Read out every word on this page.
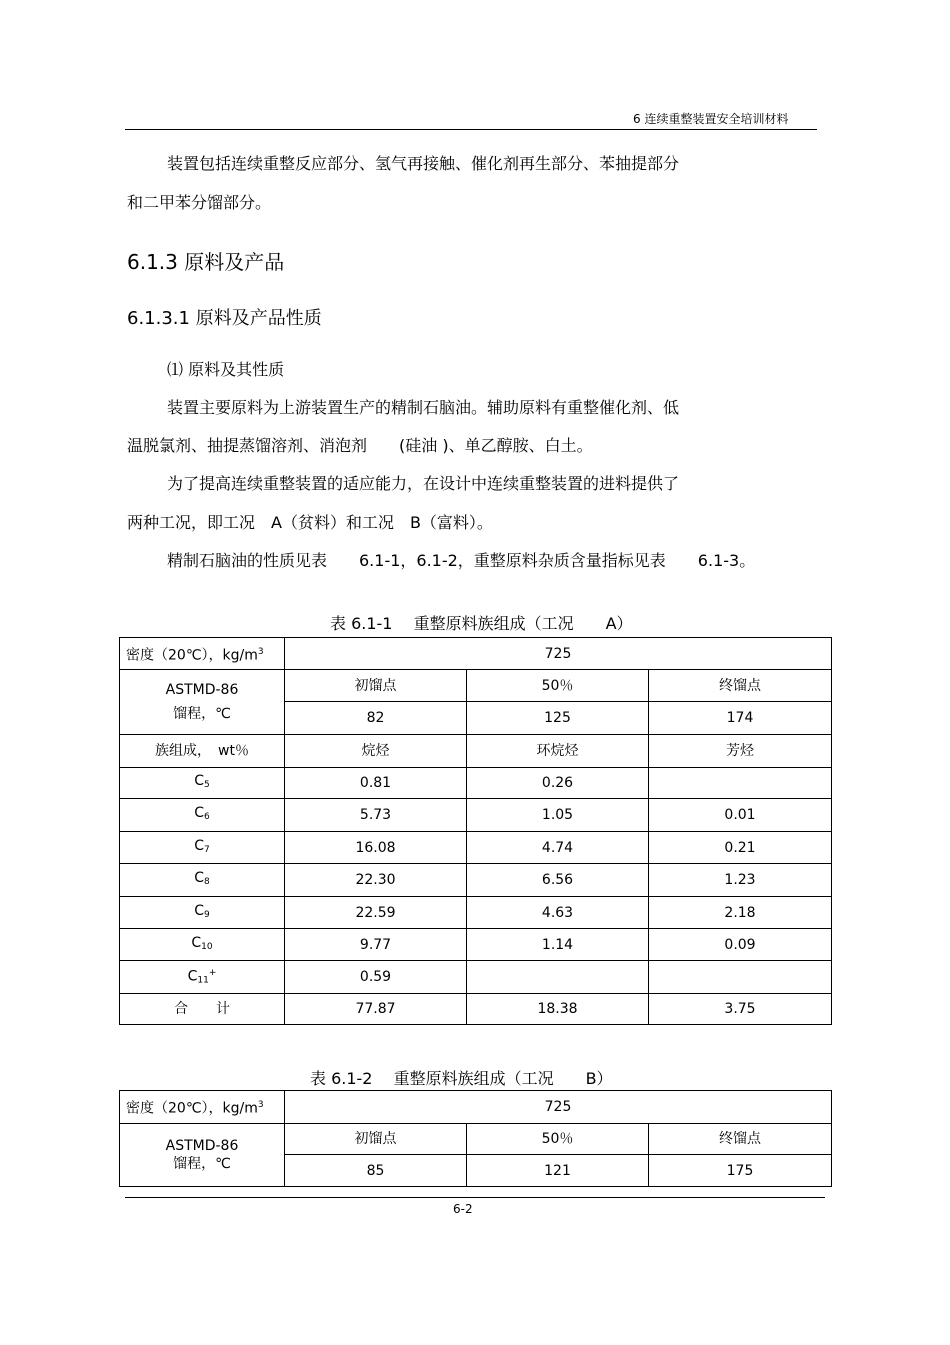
6 连续重整装置安全培训材料
装置包括连续重整反应部分、氢气再接触、催化剂再生部分、苯抽提部分
和二甲苯分馏部分。
6.1.3 原料及产品
6.1.3.1 原料及产品性质
⑴ 原料及其性质
装置主要原料为上游装置生产的精制石脑油。辅助原料有重整催化剂、低
温脱氯剂、抽提蒸馏溶剂、消泡剂　　(硅油 )、单乙醇胺、白土。
为了提高连续重整装置的适应能力，在设计中连续重整装置的进料提供了
两种工况，即工况　A（贫料）和工况　B（富料）。
精制石脑油的性质见表　　6.1-1，6.1-2，重整原料杂质含量指标见表　　6.1-3。
表 6.1-1　 重整原料族组成（工况　　A）
密度（20℃），$kg/m^3$	725		

ASTMD-86
馏程，℃	初馏点	50％	终馏点
	82	125	174
族组成，　wt％	烷烃	环烷烃	芳烃
$C_5$	0.81	0.26	
$C_6$	5.73	1.05	0.01
$C_7$	16.08	4.74	0.21
$C_8$	22.30	6.56	1.23
$C_9$	22.59	4.63	2.18
$C_{10}$	9.77	1.14	0.09
$C_{11}^+$	0.59		
合　　计	77.87	18.38	3.75
表 6.1-2　 重整原料族组成（工况　　B）
密度（20℃），$kg/m^3$	725		

ASTMD-86
馏程，℃	初馏点	50％	终馏点
	85	121	175
6-2
